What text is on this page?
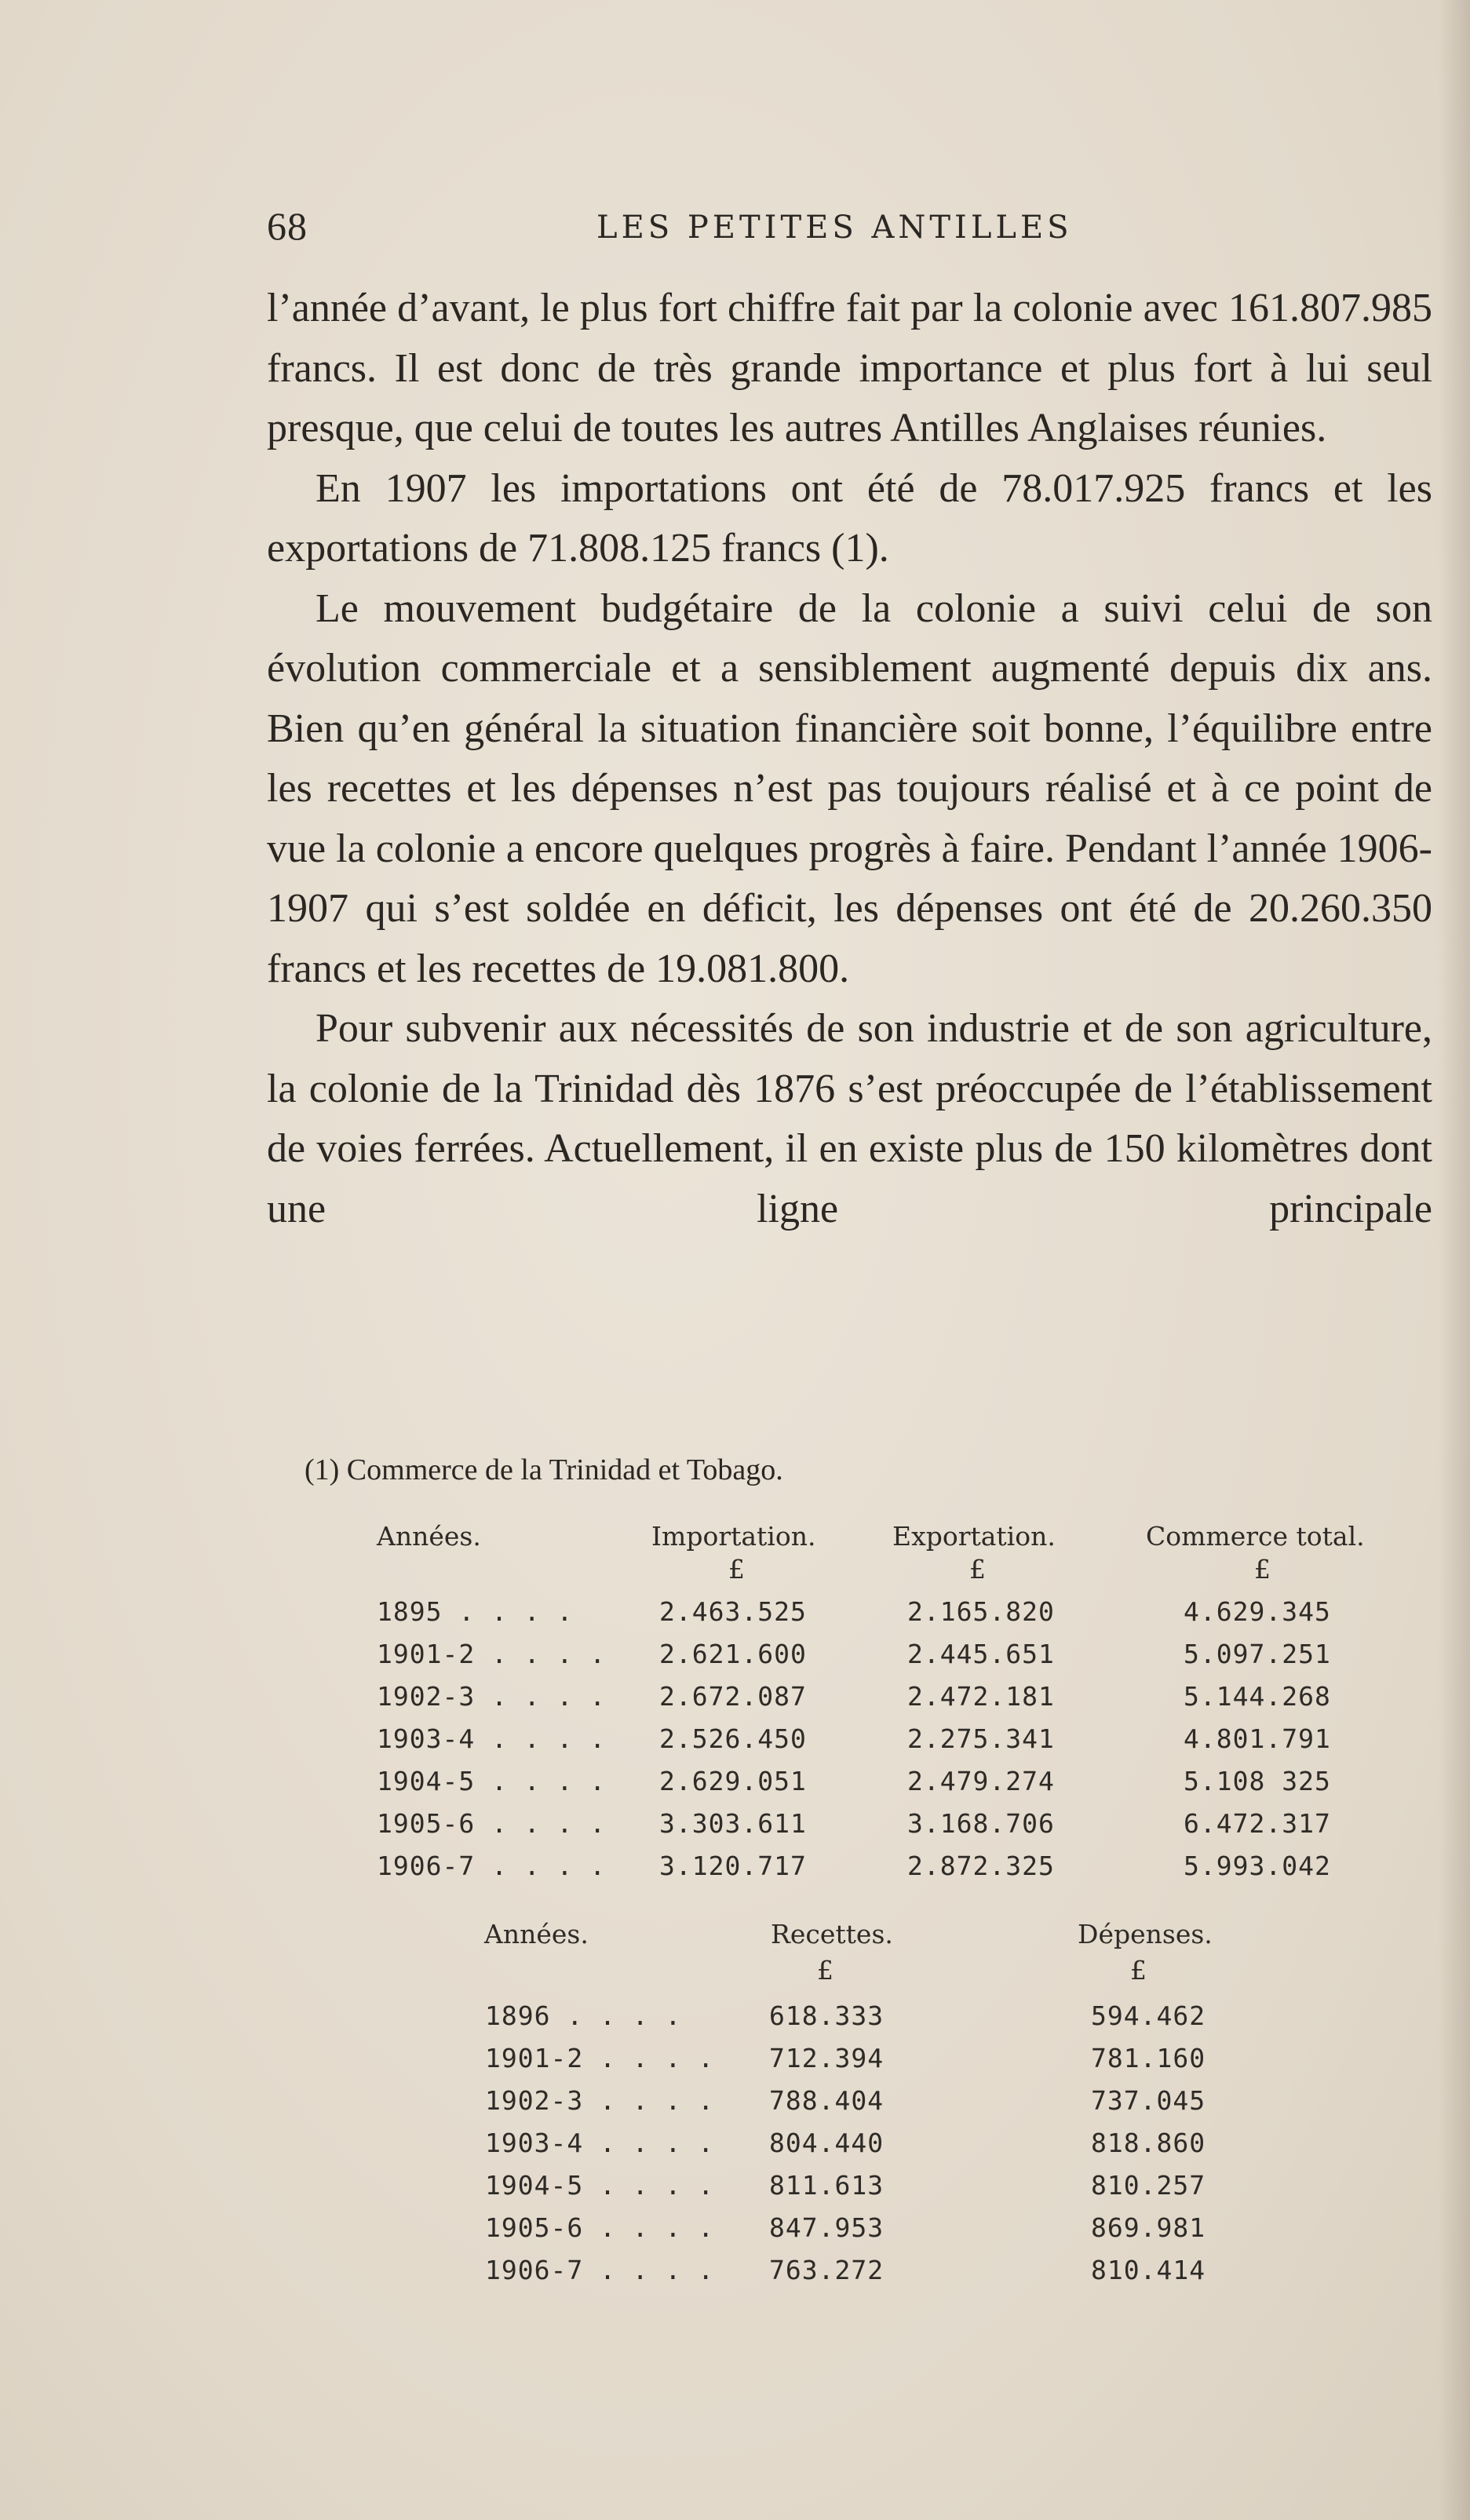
68	LES PETITES ANTILLES

l’année d’avant, le plus fort chiffre fait par la colonie avec 161.807.985 francs. Il est donc de très grande importance et plus fort à lui seul presque, que celui de toutes les autres Antilles Anglaises réunies.

En 1907 les importations ont été de 78.017.925 francs et les exportations de 71.808.125 francs (1).

Le mouvement budgétaire de la colonie a suivi celui de son évolution commerciale et a sensiblement augmenté depuis dix ans. Bien qu’en général la situation financière soit bonne, l’équilibre entre les recettes et les dépenses n’est pas toujours réalisé et à ce point de vue la colonie a encore quelques progrès à faire. Pendant l’année 1906-1907 qui s’est soldée en déficit, les dépenses ont été de 20.260.350 francs et les recettes de 19.081.800.

Pour subvenir aux nécessités de son industrie et de son agriculture, la colonie de la Trinidad dès 1876 s’est préoccupée de l’établissement de voies ferrées. Actuellement, il en existe plus de 150 kilomètres dont une ligne principale

(1) Commerce de la Trinidad et Tobago.
Années.	Importation.	Exportation.	Commerce total.
£	£	£
1895 . . . .	2.463.525	2.165.820	4.629.345
1901-2 . . . . 2.621.600	2.445.651	5.097.251
1902-3 . . . . 2.672.087	2.472.181	5.144.268
1903-4 . . . . 2.526.450	2.275.341	4.801.791
1904-5 . . . . 2.629.051	2.479.274	5.108 325
1905-6 . . . . 3.303.611	3.168.706	6.472.317
1906-7 . . . . 3.120.717	2.872.325	5.993.042
Années.	Recettes.	Dépenses.
£	£
1896 . . . .	618.333	594.462
1901-2 . . . . 712.394	781.160
1902-3 . . . . 788.404	737.045
1903-4 . . . . 804.440	818.860
1904-5 . . . . 811.613	810.257
1905-6 . . . . 847.953	869.981
1906-7 . . . . 763.272	810.414
